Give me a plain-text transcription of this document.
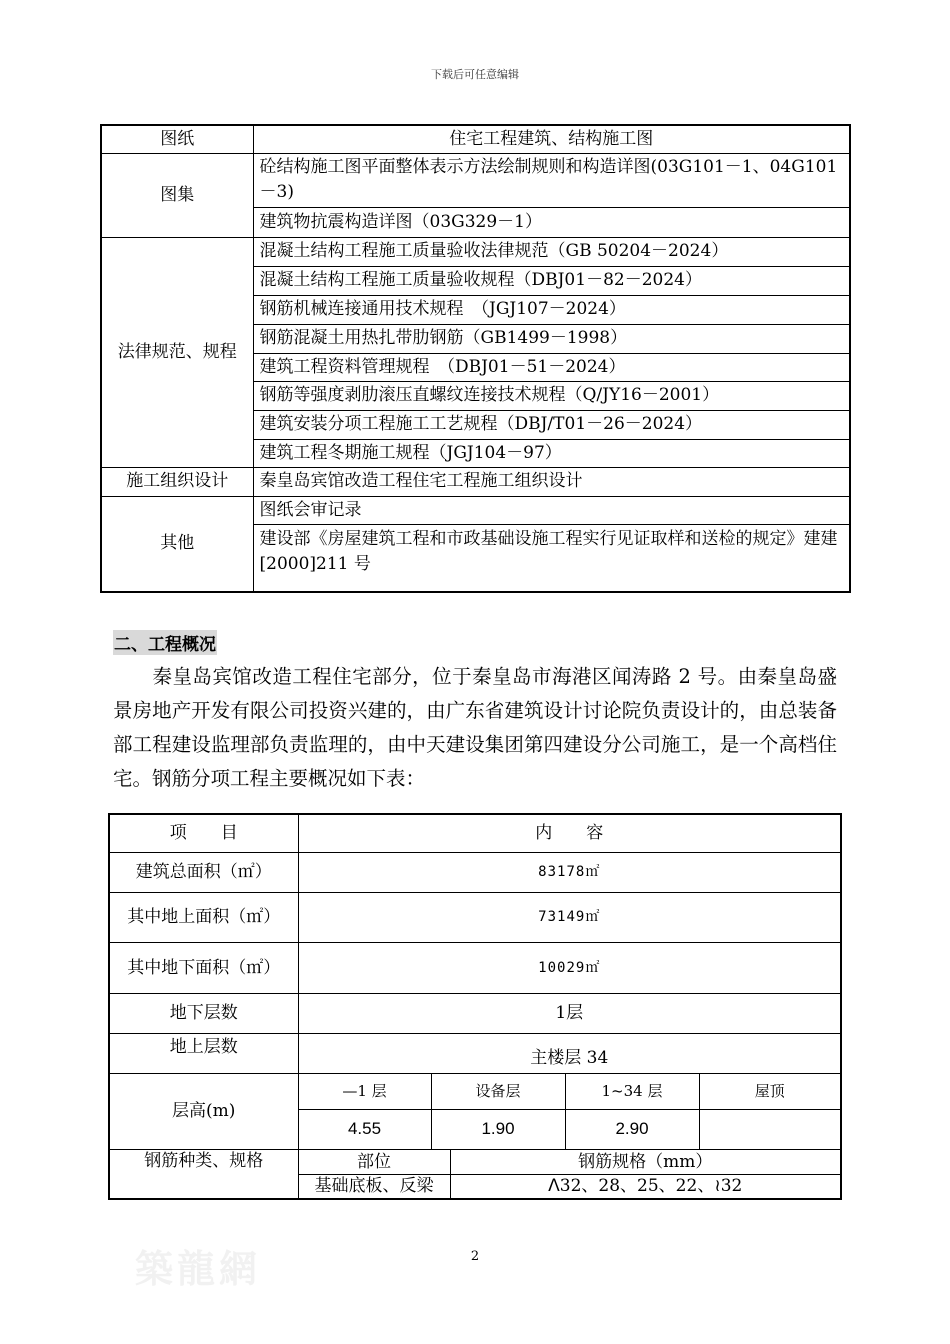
下载后可任意编辑
图纸	住宅工程建筑、结构施工图
图集	砼结构施工图平面整体表示方法绘制规则和构造详图(03G101－1、04G101－3)
	建筑物抗震构造详图（03G329－1）
法律规范、规程	混凝土结构工程施工质量验收法律规范（GB 50204－2024）
	混凝土结构工程施工质量验收规程（DBJ01－82－2024）
	钢筋机械连接通用技术规程　（JGJ107－2024）
	钢筋混凝土用热扎带肋钢筋（GB1499－1998）
	建筑工程资料管理规程　（DBJ01－51－2024）
	钢筋等强度剥肋滚压直螺纹连接技术规程（Q/JY16－2001）
	建筑安装分项工程施工工艺规程（DBJ/T01－26－2024）
	建筑工程冬期施工规程（JGJ104－97）
施工组织设计	秦皇岛宾馆改造工程住宅工程施工组织设计
其他	图纸会审记录
	建设部《房屋建筑工程和市政基础设施工程实行见证取样和送检的规定》建建[2000]211 号
二、工程概况
秦皇岛宾馆改造工程住宅部分，位于秦皇岛市海港区闻涛路 2 号。由秦皇岛盛景房地产开发有限公司投资兴建的，由广东省建筑设计讨论院负责设计的，由总装备部工程建设监理部负责监理的，由中天建设集团第四建设分公司施工，是一个高档住宅。钢筋分项工程主要概况如下表：
项　　目	内　　容				
建筑总面积（㎡）	83178㎡				
其中地上面积（㎡）	73149㎡				
其中地下面积（㎡）	10029㎡				
地下层数	1层				
地上层数	主楼层 34				
层高(m)	—1 层	设备层		1~34 层	屋顶
	4.55	1.90		2.90	
钢筋种类、规格	部位		钢筋规格（mm）		
	基础底板、反梁		ⴷ32、28、25、22、≀32		
築龍網	2
